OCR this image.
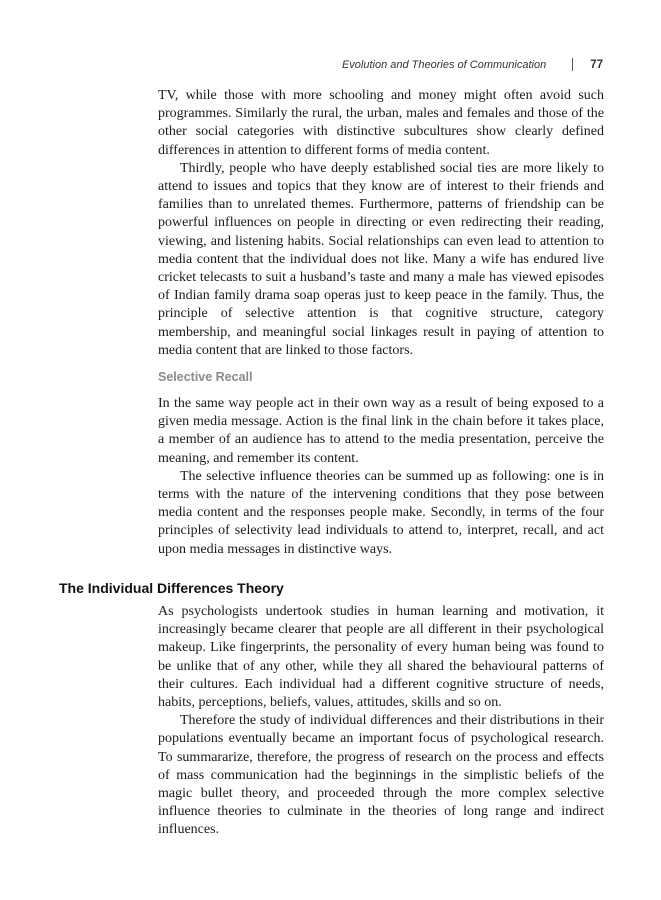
Evolution and Theories of Communication	77

TV, while those with more schooling and money might often avoid such programmes. Similarly the rural, the urban, males and females and those of the other social categories with distinctive subcultures show clearly defined differences in attention to different forms of media content.

Thirdly, people who have deeply established social ties are more likely to attend to issues and topics that they know are of interest to their friends and families than to unrelated themes. Furthermore, patterns of friendship can be powerful influences on people in directing or even redirecting their reading, viewing, and listening habits. Social relationships can even lead to attention to media content that the individual does not like. Many a wife has endured live cricket telecasts to suit a husband’s taste and many a male has viewed episodes of Indian family drama soap operas just to keep peace in the family. Thus, the principle of selective attention is that cognitive structure, category membership, and meaningful social linkages result in paying of attention to media content that are linked to those factors.

Selective Recall

In the same way people act in their own way as a result of being exposed to a given media message. Action is the final link in the chain before it takes place, a member of an audience has to attend to the media presentation, perceive the meaning, and remember its content.

The selective influence theories can be summed up as following: one is in terms with the nature of the intervening conditions that they pose between media content and the responses people make. Secondly, in terms of the four principles of selectivity lead individuals to attend to, interpret, recall, and act upon media messages in distinctive ways.

The Individual Differences Theory

As psychologists undertook studies in human learning and motivation, it increasingly became clearer that people are all different in their psychological makeup. Like fingerprints, the personality of every human being was found to be unlike that of any other, while they all shared the behavioural patterns of their cultures. Each individual had a different cognitive structure of needs, habits, perceptions, beliefs, values, attitudes, skills and so on.

Therefore the study of individual differences and their distributions in their populations eventually became an important focus of psychological research. To summararize, therefore, the progress of research on the process and effects of mass communication had the beginnings in the simplistic beliefs of the magic bullet theory, and proceeded through the more complex selective influence theories to culminate in the theories of long range and indirect influences.
